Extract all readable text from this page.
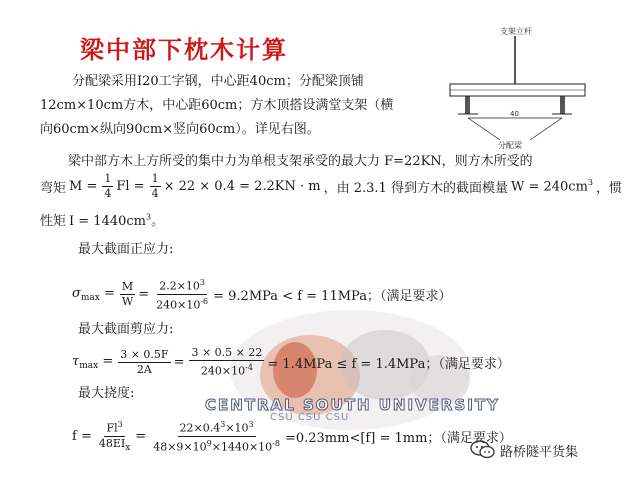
梁中部下枕木计算
支架立杆
40
分配梁
分配梁采用I20工字钢，中心距40cm；分配梁顶铺
12cm×10cm方木，中心距60cm；方木顶搭设满堂支架（横
向60cm×纵向90cm×竖向60cm）。详见右图。
梁中部方木上方所受的集中力为单根支架承受的最大力 F=22KN，则方木所受的
弯矩 $M = \frac{1}{4}$ $Fl = \frac{1}{4} \times 22 \times 0.4 = 2.2KN \cdot m$ ，由 2.3.1 得到方木的截面模量 $W = 240cm^3$ ，惯
性矩 $I = 1440cm^3$。
最大截面正应力:
$\sigma_{max} = \frac{M}{W} = \frac{2.2\times 10^3}{240\times 10^{-6}} = 9.2MPa < f = 11MPa$；（满足要求）
最大截面剪应力:
CENTRAL SOUTH UNIVERSITY
CSU CSU CSU
$\tau_{max} = \frac{3 \times 0.5F}{2A} = \frac{3 \times 0.5 \times 22}{240\times 10^{-4}} = 1.4MPa \le f = 1.4MPa$；（满足要求）
最大挠度:
$f = \frac{Fl^3}{48EI_x} = \frac{22\times 0.4^3\times 10^3}{48\times 9\times 10^9\times 1440\times 10^{-8}} =0.23mm<[f] = 1mm$；（满足要求）
路桥隧平货集
